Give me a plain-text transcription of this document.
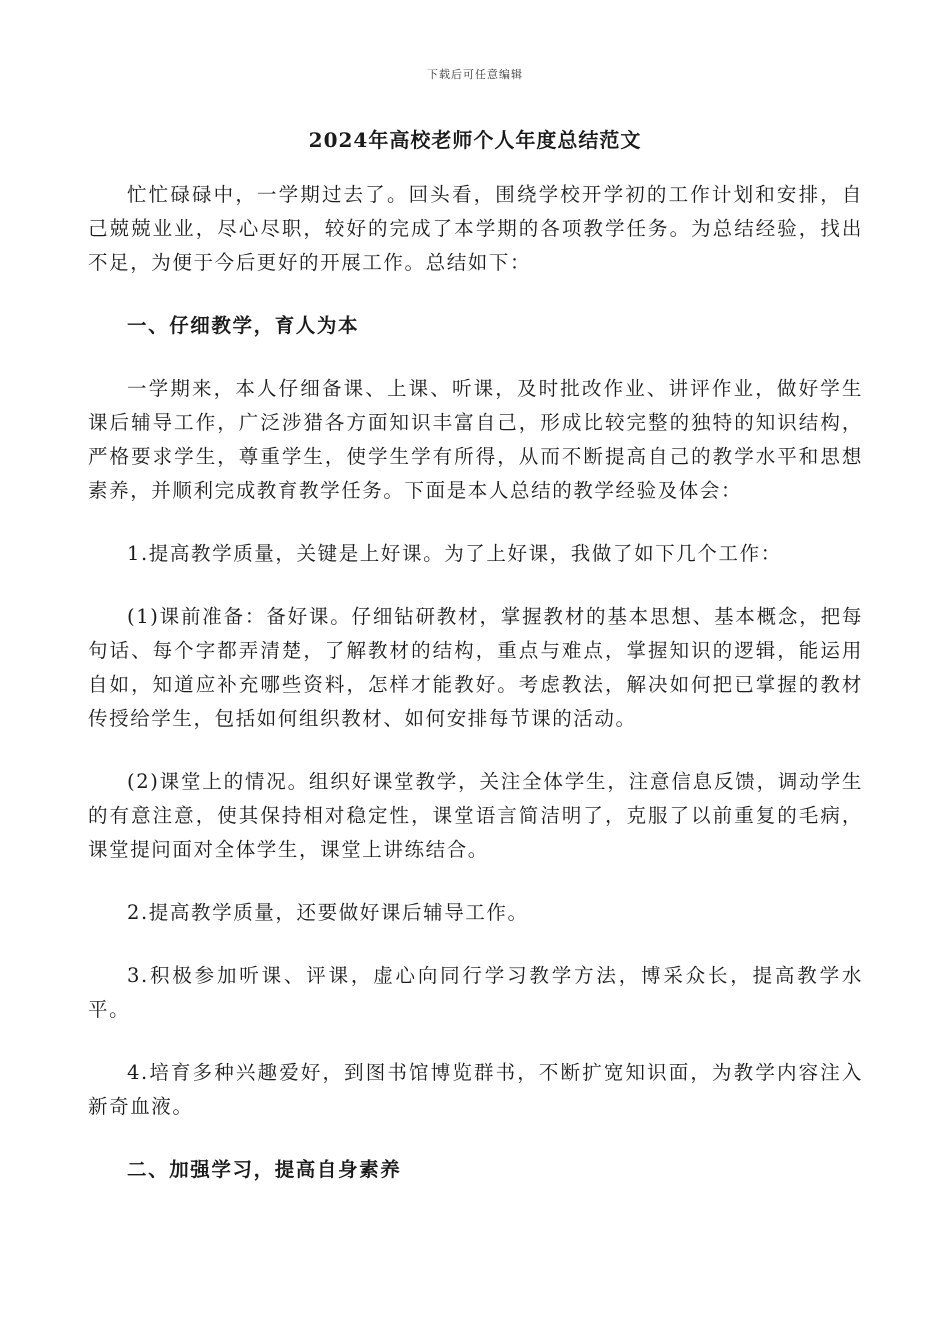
下载后可任意编辑
2024年高校老师个人年度总结范文

忙忙碌碌中，一学期过去了。回头看，围绕学校开学初的工作计划和安排，自己兢兢业业，尽心尽职，较好的完成了本学期的各项教学任务。为总结经验，找出不足，为便于今后更好的开展工作。总结如下：

一、仔细教学，育人为本

一学期来，本人仔细备课、上课、听课，及时批改作业、讲评作业，做好学生课后辅导工作，广泛涉猎各方面知识丰富自己，形成比较完整的独特的知识结构，严格要求学生，尊重学生，使学生学有所得，从而不断提高自己的教学水平和思想素养，并顺利完成教育教学任务。下面是本人总结的教学经验及体会：

1.提高教学质量，关键是上好课。为了上好课，我做了如下几个工作：

(1)课前准备：备好课。仔细钻研教材，掌握教材的基本思想、基本概念，把每句话、每个字都弄清楚，了解教材的结构，重点与难点，掌握知识的逻辑，能运用自如，知道应补充哪些资料，怎样才能教好。考虑教法，解决如何把已掌握的教材传授给学生，包括如何组织教材、如何安排每节课的活动。

(2)课堂上的情况。组织好课堂教学，关注全体学生，注意信息反馈，调动学生的有意注意，使其保持相对稳定性，课堂语言简洁明了，克服了以前重复的毛病，课堂提问面对全体学生，课堂上讲练结合。

2.提高教学质量，还要做好课后辅导工作。

3.积极参加听课、评课，虚心向同行学习教学方法，博采众长，提高教学水平。

4.培育多种兴趣爱好，到图书馆博览群书，不断扩宽知识面，为教学内容注入新奇血液。

二、加强学习，提高自身素养
